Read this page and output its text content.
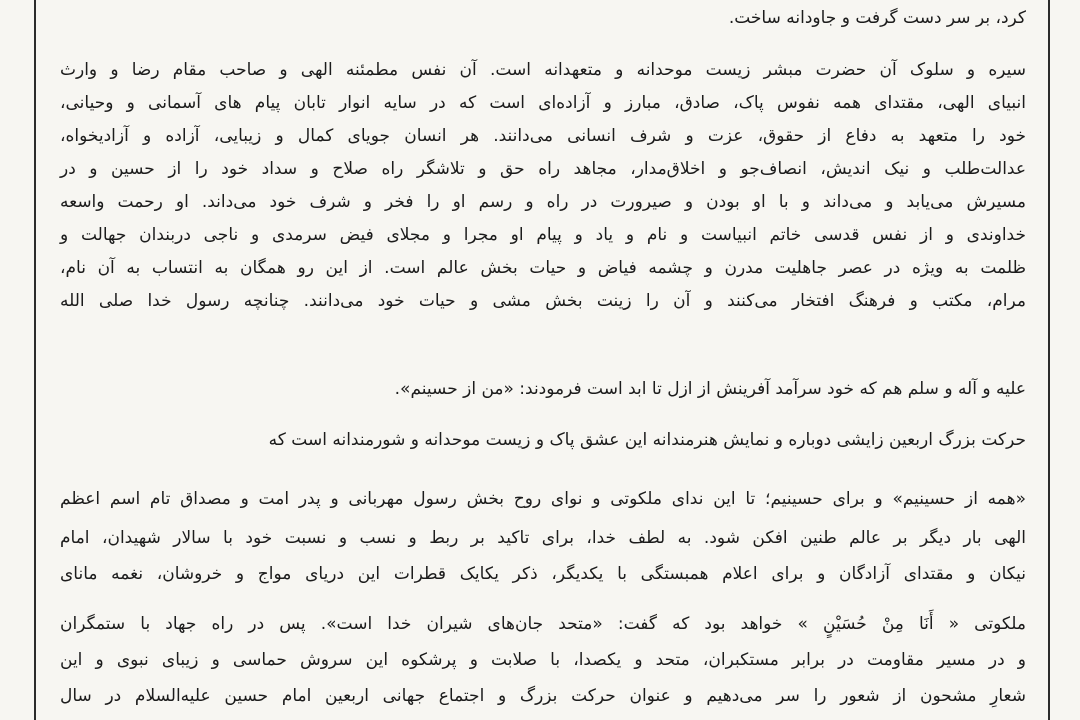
کرد، بر سر دست گرفت و جاودانه ساخت.
سیره و سلوک آن حضرت مبشر زیست موحدانه و متعهدانه است. آن نفس مطمئنه الهی و صاحب مقام رضا و وارث
انبیای الهی، مقتدای همه نفوس پاک، صادق، مبارز و آزاده‌ای است که در سایه انوار تابان پیام های آسمانی و وحیانی،
خود را متعهد به دفاع از حقوق، عزت و شرف انسانی می‌دانند. هر انسان جویای کمال و زیبایی، آزاده و آزادیخواه،
عدالت‌طلب و نیک اندیش، انصاف‌جو و اخلاق‌مدار، مجاهد راه حق و تلاشگر راه صلاح و سداد خود را از حسین و در
مسیرش می‌یابد و می‌داند و با او بودن و صیرورت در راه و رسم او را فخر و شرف خود می‌داند. او رحمت واسعه
خداوندی و از نفس قدسی خاتم انبیاست و نام و یاد و پیام او مجرا و مجلای فیض سرمدی و ناجی دربندان جهالت و
ظلمت به ویژه در عصر جاهلیت مدرن و چشمه فیاض و حیات بخش عالم است. از این رو همگان به انتساب به آن نام،
مرام، مکتب و فرهنگ افتخار می‌کنند و آن را زینت بخش مشی و حیات خود می‌دانند. چنانچه رسول خدا صلی الله
علیه و آله و سلم هم که خود سرآمد آفرینش از ازل تا ابد است فرمودند: «من از حسینم».
حرکت بزرگ اربعین زایشی دوباره و نمایش هنرمندانه این عشق پاک و زیست موحدانه و شورمندانه است که
«همه از حسینیم» و برای حسینیم؛ تا این ندای ملکوتی و نوای روح بخش رسول مهربانی و پدر امت و مصداق تام اسم اعظم
الهی بار دیگر بر عالم طنین افکن شود. به لطف خدا، برای تاکید بر ربط و نسب و نسبت خود با سالار شهیدان، امام
نیکان و مقتدای آزادگان و برای اعلام همبستگی با یکدیگر، ذکر یکایک قطرات این دریای مواج و خروشان، نغمه مانای
ملکوتی « أَنَا مِنْ حُسَیْنٍ » خواهد بود که گفت: «متحد جان‌های شیران خدا است». پس در راه جهاد با ستمگران
و در مسیر مقاومت در برابر مستکبران، متحد و یکصدا، با صلابت و پرشکوه این سروش حماسی و زیبای نبوی و این
شعارِ مشحون از شعور را سر می‌دهیم و عنوان حرکت بزرگ و اجتماع جهانی اربعین امام حسین علیه‌السلام در سال
